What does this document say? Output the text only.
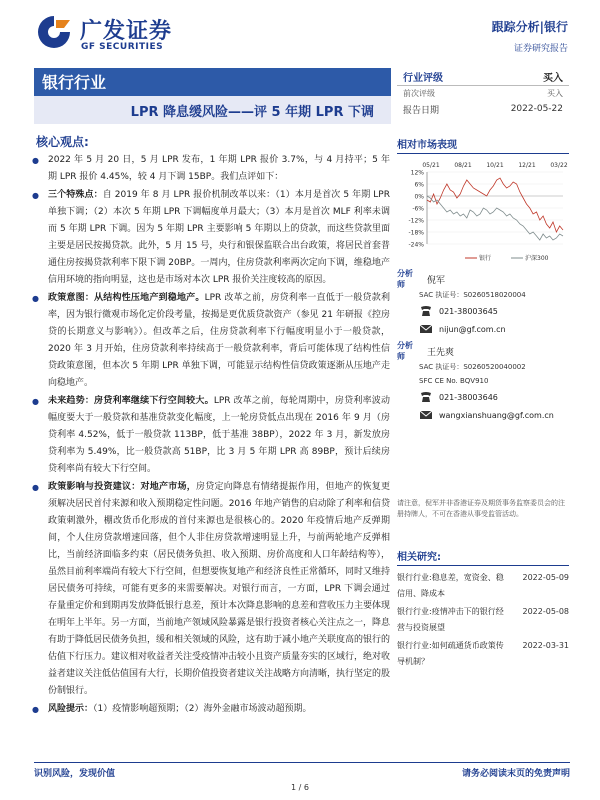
广发证券
GF SECURITIES
跟踪分析|银行
证券研究报告
银行行业
LPR 降息缓风险——评 5 年期 LPR 下调
行业评级	买入
前次评级	买入
报告日期	2022-05-22
核心观点:
●	2022 年 5 月 20 日，5 月 LPR 发布，1 年期 LPR 报价 3.7%，与 4 月持平；5 年期 LPR 报价 4.45%，较 4 月下调 15BP。我们点评如下：
●	三个特殊点：自 2019 年 8 月 LPR 报价机制改革以来：（1）本月是首次 5 年期 LPR 单独下调；（2）本次 5 年期 LPR 下调幅度单月最大；（3）本月是首次 MLF 利率未调而 5 年期 LPR 下调。因为 5 年期 LPR 主要影响 5 年期以上的贷款，而这些贷款里面主要是居民按揭贷款。此外，5 月 15 号，央行和银保监联合出台政策，将居民首套普通住房按揭贷款利率下限下调 20BP。一周内，住房贷款利率两次定向下调，维稳地产信用环境的指向明显，这也是市场对本次 LPR 报价关注度较高的原因。
●	政策意图：从结构性压地产到稳地产。LPR 改革之前，房贷利率一直低于一般贷款利率，因为银行微观市场化定价段考量，按揭是更优质贷款资产（参见 21 年研报《控房贷的长期意义与影响》）。但改革之后，住房贷款利率下行幅度明显小于一般贷款，2020 年 3 月开始，住房贷款利率持续高于一般贷款利率，背后可能体现了结构性信贷政策意图，但本次 5 年期 LPR 单独下调，可能显示结构性信贷政策逐渐从压地产走向稳地产。
●	未来趋势：房贷利率继续下行空间较大。LPR 改革之前，每轮周期中，房贷利率波动幅度要大于一般贷款和基准贷款变化幅度，上一轮房贷低点出现在 2016 年 9 月（房贷利率 4.52%，低于一般贷款 113BP，低于基准 38BP），2022 年 3 月，新发放房贷利率为 5.49%，比一般贷款高 51BP，比 3 月 5 年期 LPR 高 89BP，预计后续房贷利率尚有较大下行空间。
●	政策影响与投资建议：对地产市场，房贷定向降息有情绪提振作用，但地产的恢复更须解决居民首付来源和收入预期稳定性问题。2016 年地产销售的启动除了利率和信贷政策刺激外，棚改货币化形成的首付来源也是很核心的。2020 年疫情后地产反弹期间，个人住房贷款增速回落，但个人非住房贷款增速明显上升，与前两轮地产反弹相比，当前经济面临多约束（居民债务负担、收入预期、房价高度和人口年龄结构等），虽然目前利率端尚有较大下行空间，但想要恢复地产和经济良性正常循环，同时又维持居民债务可持续，可能有更多的来需要解决。对银行而言，一方面，LPR 下调会通过存量重定价和到期再发放降低银行息差，预计本次降息影响的息差和营收压力主要体现在明年上半年。另一方面，当前地产领域风险暴露是银行投资者核心关注点之一，降息有助于降低居民债务负担，缓和相关领域的风险，这有助于减小地产关联度高的银行的估值下行压力。建议相对收益者关注受疫情冲击较小且资产质量夯实的区域行，绝对收益者建议关注低估值国有大行，长期价值投资者建议关注战略方向清晰，执行坚定的股份制银行。
●	风险提示：（1）疫情影响超预期；（2）海外金融市场波动超预期。
相对市场表现
12%
6%
0%
-6%
-12%
-18%
-24%
05/21 08/21 10/21 12/21 03/22
银行	沪深300
分析师	倪军
SAC 执证号：S0260518020004
021-38003645
nijun@gf.com.cn
分析师	王先爽
SAC 执证号：S0260520040002
SFC CE No. BQV910
021-38003646
wangxianshuang@gf.com.cn
请注意，倪军并非香港证券及期货事务监察委员会的注册持牌人，不可在香港从事受监管活动。
相关研究:
银行行业:稳息差，宽资金、稳信用、降成本
2022-05-09
银行行业:疫情冲击下的银行经营与投资展望
2022-05-08
银行行业:如何疏通货币政策传导机制？
2022-03-31
识别风险，发现价值	请务必阅读末页的免责声明
1 / 6
